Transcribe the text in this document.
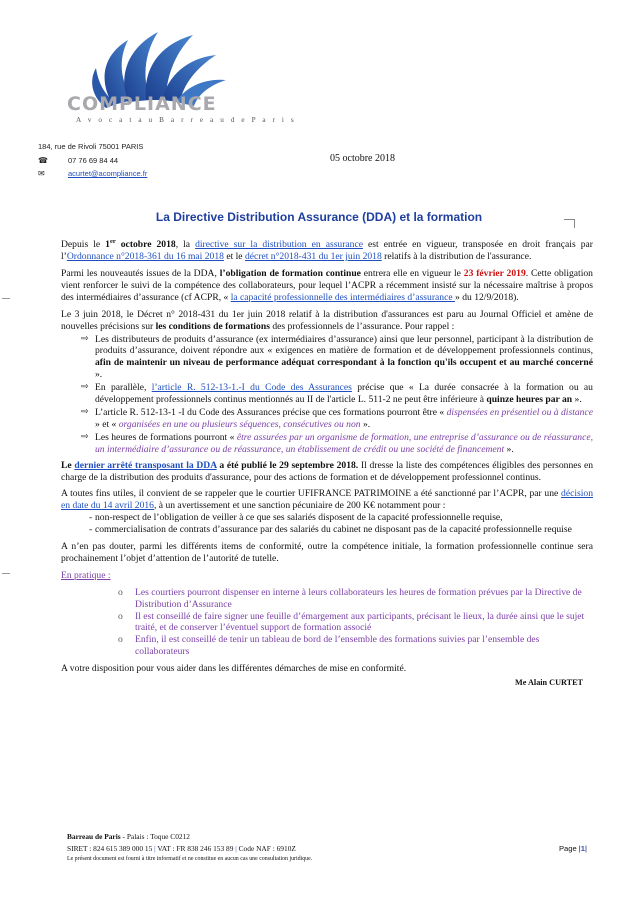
COMPLIANCE
A v o c a t a u B a r r e a u d e P a r i s
184, rue de Rivoli 75001 PARIS
☎	07 76 69 84 44
✉	acurtet@acompliance.fr
05 octobre 2018
La Directive Distribution Assurance (DDA) et la formation

Depuis le 1er octobre 2018, la directive sur la distribution en assurance est entrée en vigueur, transposée en droit français par l’Ordonnance n°2018-361 du 16 mai 2018 et le décret n°2018-431 du 1er juin 2018 relatifs à la distribution de l'assurance.

Parmi les nouveautés issues de la DDA, l’obligation de formation continue entrera elle en vigueur le 23 février 2019. Cette obligation vient renforcer le suivi de la compétence des collaborateurs, pour lequel l’ACPR a récemment insisté sur la nécessaire maîtrise à propos des intermédiaires d’assurance (cf ACPR, « la capacité professionnelle des intermédiaires d’assurance » du 12/9/2018).

Le 3 juin 2018, le Décret n° 2018-431 du 1er juin 2018 relatif à la distribution d'assurances est paru au Journal Officiel et amène de nouvelles précisions sur les conditions de formations des professionnels de l’assurance. Pour rappel :

⇨ Les distributeurs de produits d’assurance (ex intermédiaires d’assurance) ainsi que leur personnel, participant à la distribution de produits d’assurance, doivent répondre aux « exigences en matière de formation et de développement professionnels continus, afin de maintenir un niveau de performance adéquat correspondant à la fonction qu'ils occupent et au marché concerné ».
⇨ En parallèle, l’article R. 512-13-1.-I du Code des Assurances précise que « La durée consacrée à la formation ou au développement professionnels continus mentionnés au II de l'article L. 511-2 ne peut être inférieure à quinze heures par an ».
⇨ L’article R. 512-13-1 -I du Code des Assurances précise que ces formations pourront être « dispensées en présentiel ou à distance » et « organisées en une ou plusieurs séquences, consécutives ou non ».
⇨ Les heures de formations pourront « être assurées par un organisme de formation, une entreprise d’assurance ou de réassurance, un intermédiaire d’assurance ou de réassurance, un établissement de crédit ou une société de financement ».

Le dernier arrêté transposant la DDA a été publié le 29 septembre 2018. Il dresse la liste des compétences éligibles des personnes en charge de la distribution des produits d'assurance, pour des actions de formation et de développement professionnel continus.

A toutes fins utiles, il convient de se rappeler que le courtier UFIFRANCE PATRIMOINE a été sanctionné par l’ACPR, par une décision en date du 14 avril 2016, à un avertissement et une sanction pécuniaire de 200 K€ notamment pour :

- non-respect de l’obligation de veiller à ce que ses salariés disposent de la capacité professionnelle requise,
- commercialisation de contrats d’assurance par des salariés du cabinet ne disposant pas de la capacité professionnelle requise

A n’en pas douter, parmi les différents items de conformité, outre la compétence initiale, la formation professionnelle continue sera prochainement l’objet d’attention de l’autorité de tutelle.

En pratique :

o Les courtiers pourront dispenser en interne à leurs collaborateurs les heures de formation prévues par la Directive de Distribution d’Assurance
o Il est conseillé de faire signer une feuille d’émargement aux participants, précisant le lieux, la durée ainsi que le sujet traité, et de conserver l’éventuel support de formation associé
o Enfin, il est conseillé de tenir un tableau de bord de l’ensemble des formations suivies par l’ensemble des collaborateurs

A votre disposition pour vous aider dans les différentes démarches de mise en conformité.

Me Alain CURTET
Barreau de Paris - Palais : Toque C0212
SIRET : 824 615 389 000 15 | VAT : FR 838 246 153 89 | Code NAF : 6910Z	Page |1|
Le présent document est fourni à titre informatif et ne constitue en aucun cas une consultation juridique.
